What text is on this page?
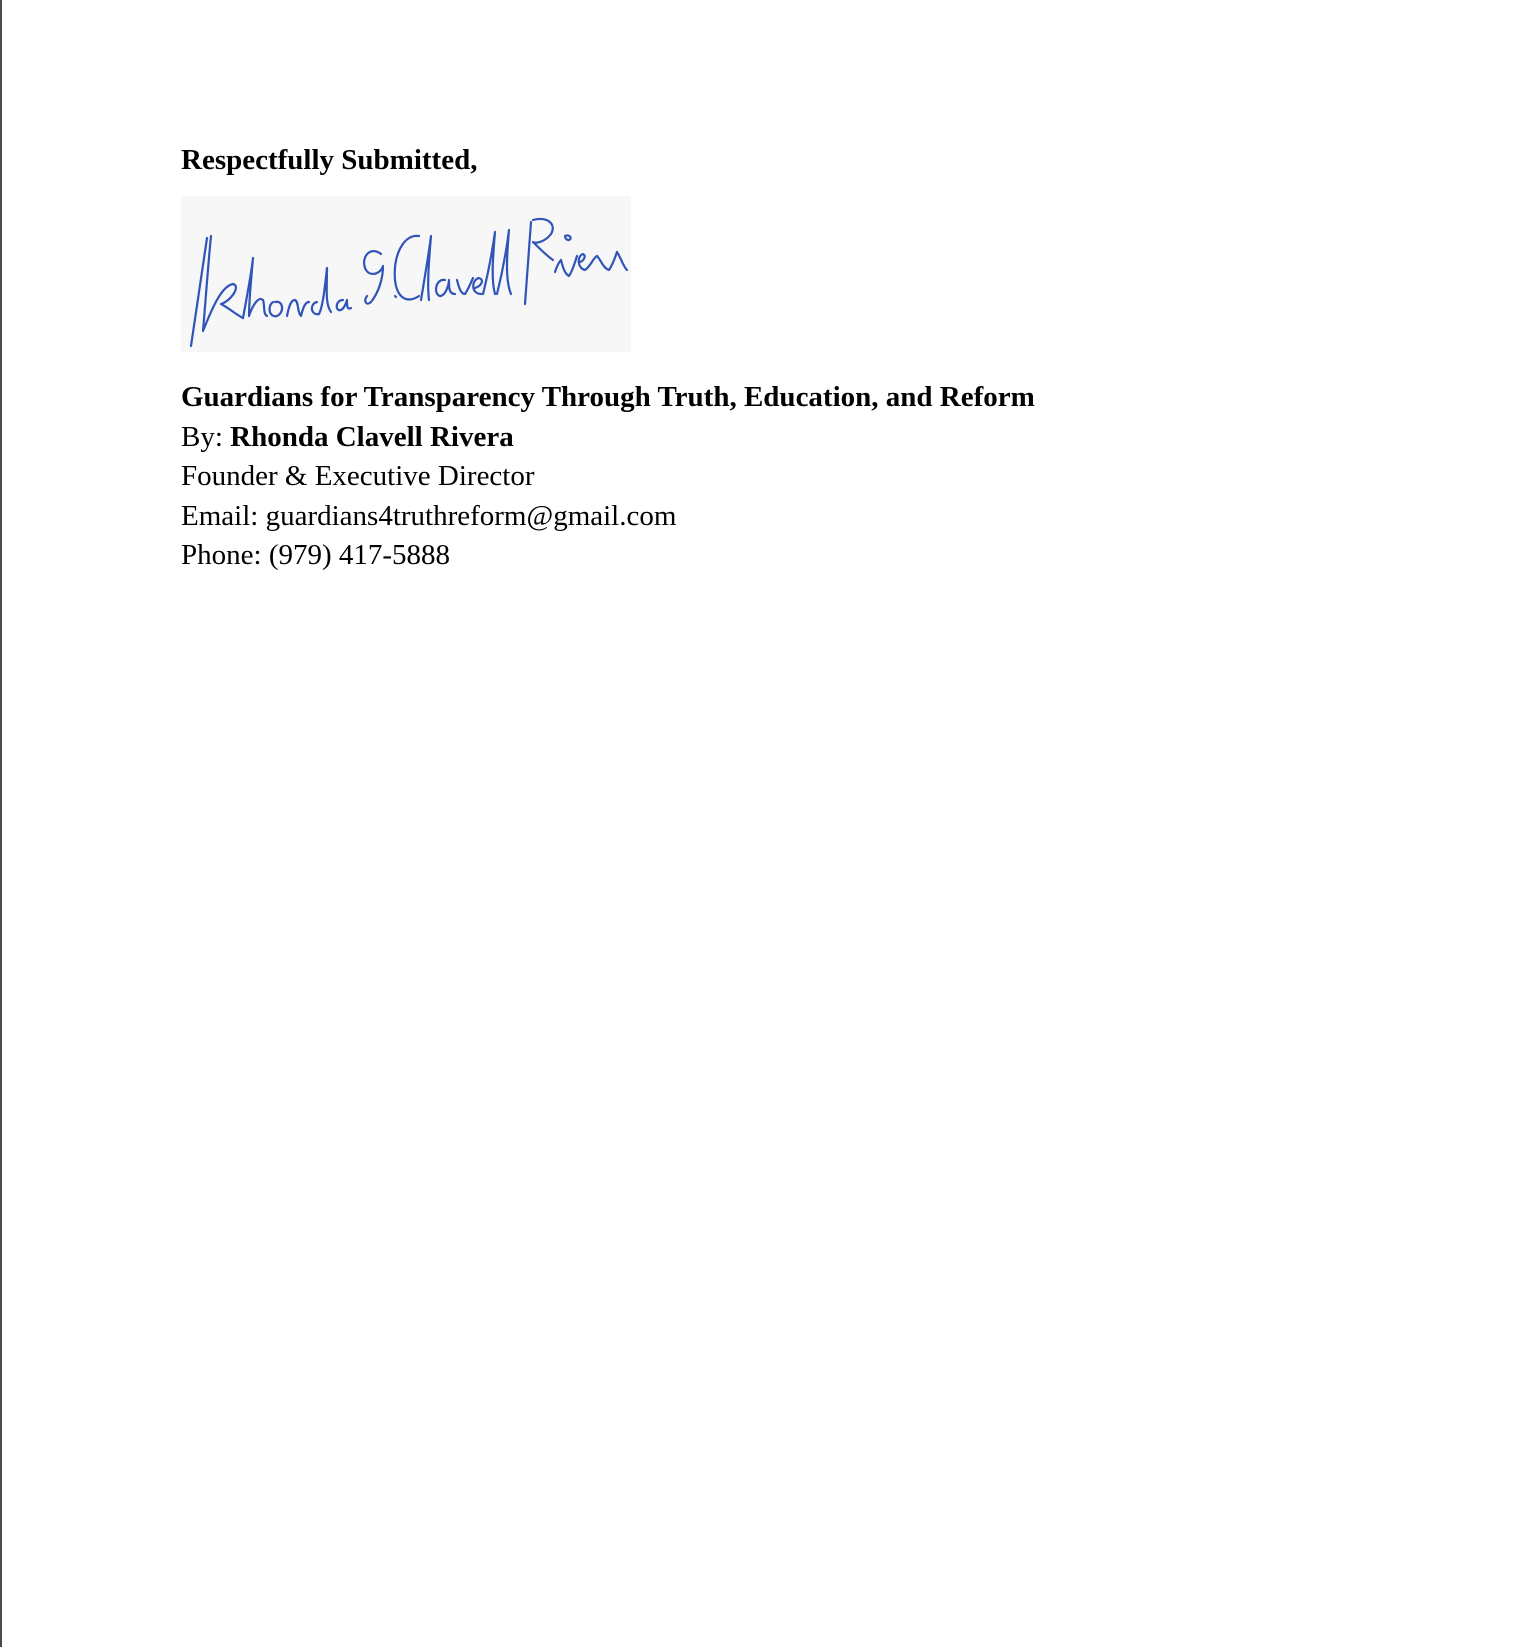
Respectfully Submitted,

Guardians for Transparency Through Truth, Education, and Reform
By: Rhonda Clavell Rivera
Founder & Executive Director
Email: guardians4truthreform@gmail.com
Phone: (979) 417-5888
